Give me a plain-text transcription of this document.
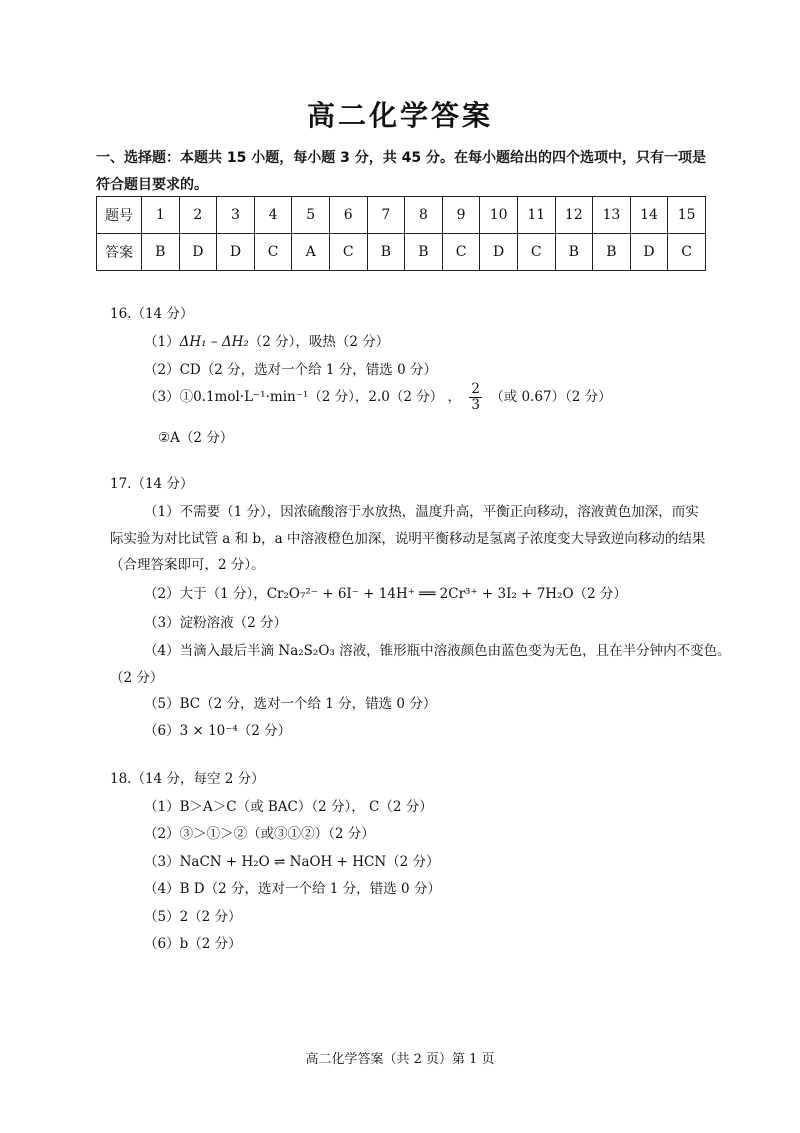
高二化学答案
一、选择题：本题共 15 小题，每小题 3 分，共 45 分。在每小题给出的四个选项中，只有一项是符合题目要求的。
题号	1	2	3	4	5	6	7	8	9	10	11	12	13	14	15
答案	B	D	D	C	A	C	B	B	C	D	C	B	B	D	C
16.（14 分）
（1）ΔH₁ – ΔH₂（2 分），吸热（2 分）
（2）CD（2 分，选对一个给 1 分，错选 0 分）
（3）①0.1mol·L⁻¹·min⁻¹（2 分），2.0（2 分） ， $\frac{2}{3}$ （或 0.67）（2 分）
②A（2 分）
17.（14 分）
（1）不需要（1 分），因浓硫酸溶于水放热，温度升高，平衡正向移动，溶液黄色加深，而实
际实验为对比试管 a 和 b，a 中溶液橙色加深，说明平衡移动是氢离子浓度变大导致逆向移动的结果
（合理答案即可，2 分）。
（2）大于（1 分），Cr₂O₇²⁻ + 6I⁻ + 14H⁺ ══ 2Cr³⁺ + 3I₂ + 7H₂O（2 分）
（3）淀粉溶液（2 分）
（4）当滴入最后半滴 Na₂S₂O₃ 溶液，锥形瓶中溶液颜色由蓝色变为无色，且在半分钟内不变色。
（2 分）
（5）BC（2 分，选对一个给 1 分，错选 0 分）
（6）3 × 10⁻⁴（2 分）
18.（14 分，每空 2 分）
（1）B＞A＞C（或 BAC）（2 分）， C（2 分）
（2）③＞①＞②（或③①②）（2 分）
（3）NaCN + H₂O ⇌ NaOH + HCN（2 分）
（4）B D（2 分，选对一个给 1 分，错选 0 分）
（5）2（2 分）
（6）b（2 分）
高二化学答案（共 2 页）第 1 页
